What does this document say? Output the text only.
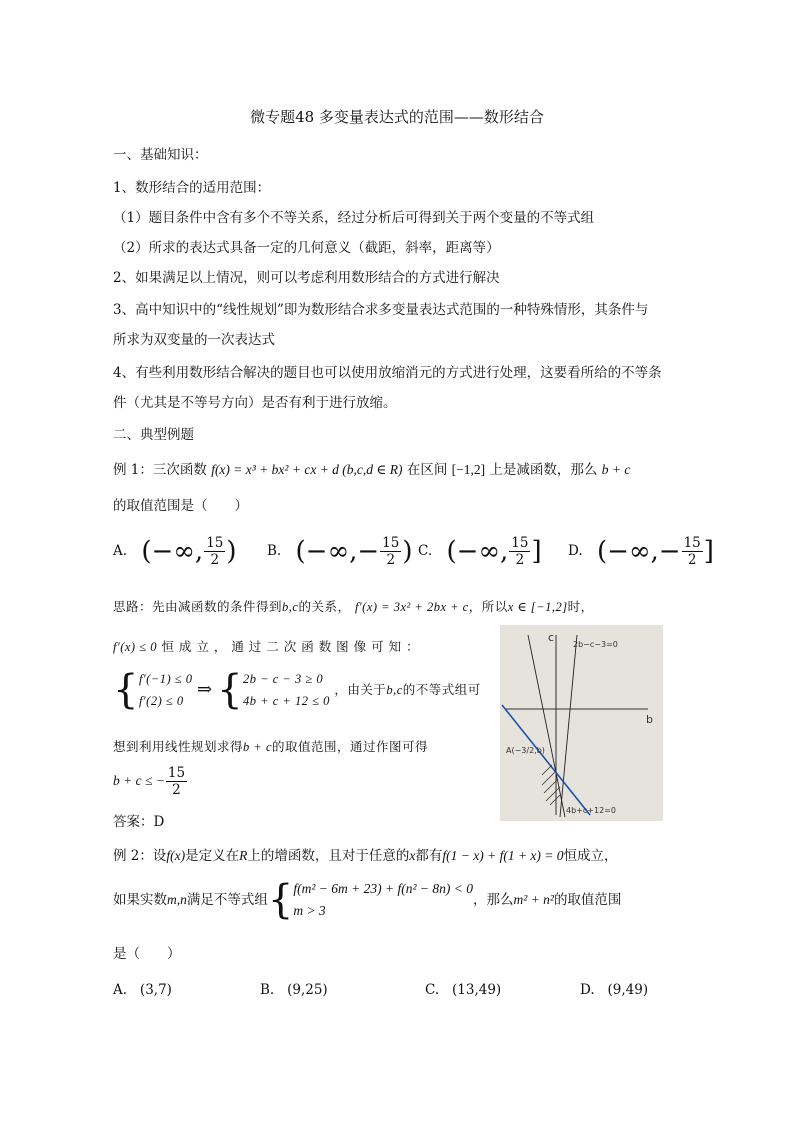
微专题48 多变量表达式的范围——数形结合
一、基础知识：
1、数形结合的适用范围：
（1）题目条件中含有多个不等关系，经过分析后可得到关于两个变量的不等式组
（2）所求的表达式具备一定的几何意义（截距，斜率，距离等）
2、如果满足以上情况，则可以考虑利用数形结合的方式进行解决
3、高中知识中的“线性规划”即为数形结合求多变量表达式范围的一种特殊情形，其条件与
所求为双变量的一次表达式
4、有些利用数形结合解决的题目也可以使用放缩消元的方式进行处理，这要看所给的不等条
件（尤其是不等号方向）是否有利于进行放缩。
二、典型例题
例 1：三次函数 f(x) = x³ + bx² + cx + d (b,c,d ∈ R) 在区间 [−1,2] 上是减函数，那么 b + c
的取值范围是（　　）
A. (−∞, $\frac{15}{2}$ ) B. (−∞,− $\frac{15}{2}$ ) C. (−∞, $\frac{15}{2}$ ] D. (−∞,− $\frac{15}{2}$ ]
思路：先由减函数的条件得到b,c的关系， f′(x) = 3x² + 2bx + c，所以x ∈ [−1,2]时，
f′(x) ≤ 0 恒 成 立 ， 通 过 二 次 函 数 图 像 可 知 ：
{f′(−1) ≤ 0
f′(2) ≤ 0 ⇒ {2b − c − 3 ≥ 0
4b + c + 12 ≤ 0 ，由关于b,c的不等式组可
想到利用线性规划求得b + c的取值范围，通过作图可得
b + c ≤ − $\frac{15}{2}$
答案：D
c
b
2b−c−3=0
4b+c+12=0
A(−3/2,b)
例 2：设f(x)是定义在R上的增函数，且对于任意的x都有f(1 − x) + f(1 + x) = 0恒成立，
如果实数m,n满足不等式组{f(m² − 6m + 23) + f(n² − 8n) < 0
m > 3，那么m² + n²的取值范围
是（　　）
A. (3,7)	B. (9,25)	C. (13,49)	D. (9,49)
